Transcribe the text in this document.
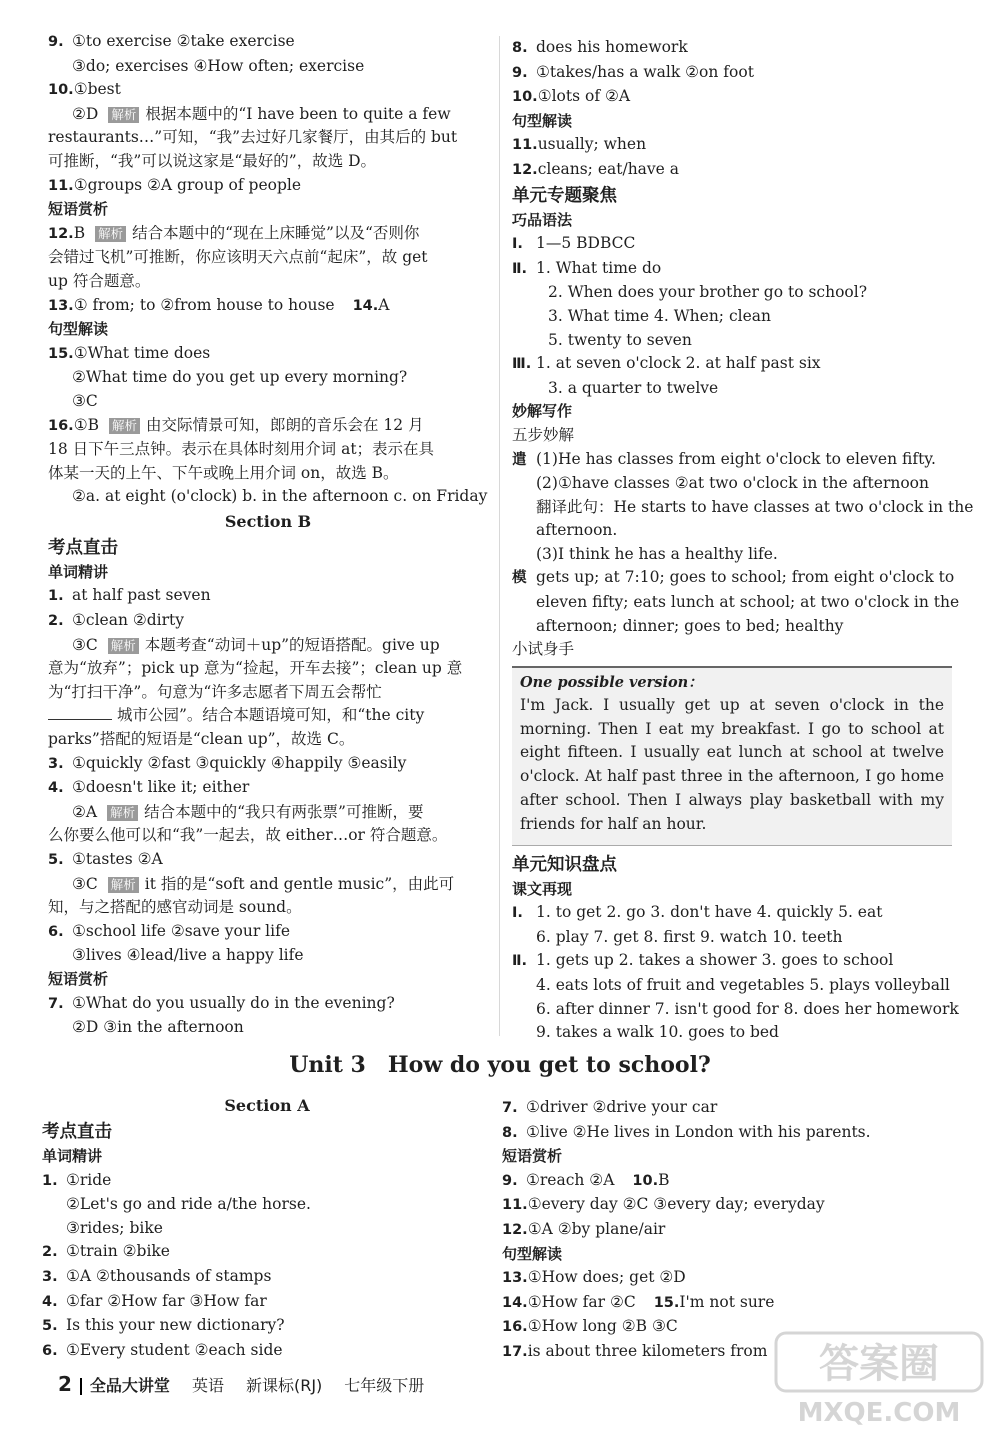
9. ①to exercise ②take exercise
③do; exercises ④How often; exercise
10.①best
②D 解析 根据本题中的“I have been to quite a few
restaurants…”可知，“我”去过好几家餐厅，由其后的 but
可推断，“我”可以说这家是“最好的”，故选 D。
11.①groups ②A group of people
短语赏析
12.B 解析 结合本题中的“现在上床睡觉”以及“否则你
会错过飞机”可推断，你应该明天六点前“起床”，故 get
up 符合题意。
13.① from; to ②from house to house 14.A
句型解读
15.①What time does
②What time do you get up every morning?
③C
16.①B 解析 由交际情景可知，郎朗的音乐会在 12 月
18 日下午三点钟。表示在具体时刻用介词 at；表示在具
体某一天的上午、下午或晚上用介词 on，故选 B。
②a. at eight (o'clock) b. in the afternoon c. on Friday
Section B
考点直击
单词精讲
1. at half past seven
2. ①clean ②dirty
③C 解析 本题考查“动词＋up”的短语搭配。give up
意为“放弃”；pick up 意为“捡起，开车去接”；clean up 意
为“打扫干净”。句意为“许多志愿者下周五会帮忙
城市公园”。结合本题语境可知，和“the city
parks”搭配的短语是“clean up”，故选 C。
3. ①quickly ②fast ③quickly ④happily ⑤easily
4. ①doesn't like it; either
②A 解析 结合本题中的“我只有两张票”可推断，要
么你要么他可以和“我”一起去，故 either…or 符合题意。
5. ①tastes ②A
③C 解析 it 指的是“soft and gentle music”，由此可
知，与之搭配的感官动词是 sound。
6. ①school life ②save your life
③lives ④lead/live a happy life
短语赏析
7. ①What do you usually do in the evening?
②D ③in the afternoon
8. does his homework
9. ①takes/has a walk ②on foot
10.①lots of ②A
句型解读
11.usually; when
12.cleans; eat/have a
单元专题聚焦
巧品语法
Ⅰ. 1—5 BDBCC
Ⅱ. 1. What time do
2. When does your brother go to school?
3. What time 4. When; clean
5. twenty to seven
Ⅲ. 1. at seven o'clock 2. at half past six
3. a quarter to twelve
妙解写作
五步妙解
遣 (1)He has classes from eight o'clock to eleven fifty.
(2)①have classes ②at two o'clock in the afternoon
翻译此句：He starts to have classes at two o'clock in the
afternoon.
(3)I think he has a healthy life.
模 gets up; at 7:10; goes to school; from eight o'clock to
eleven fifty; eats lunch at school; at two o'clock in the
afternoon; dinner; goes to bed; healthy
小试身手
One possible version：
I'm Jack. I usually get up at seven o'clock in the morning. Then I eat my breakfast. I go to school at eight fifteen. I usually eat lunch at school at twelve o'clock. At half past three in the afternoon, I go home after school. Then I always play basketball with my friends for half an hour.
单元知识盘点
课文再现
Ⅰ. 1. to get 2. go 3. don't have 4. quickly 5. eat
6. play 7. get 8. first 9. watch 10. teeth
Ⅱ. 1. gets up 2. takes a shower 3. goes to school
4. eats lots of fruit and vegetables 5. plays volleyball
6. after dinner 7. isn't good for 8. does her homework
9. takes a walk 10. goes to bed
Unit 3 How do you get to school?
Section A
考点直击
单词精讲
1. ①ride
②Let's go and ride a/the horse.
③rides; bike
2. ①train ②bike
3. ①A ②thousands of stamps
4. ①far ②How far ③How far
5. Is this your new dictionary?
6. ①Every student ②each side
7. ①driver ②drive your car
8. ①live ②He lives in London with his parents.
短语赏析
9. ①reach ②A 10.B
11.①every day ②C ③every day; everyday
12.①A ②by plane/air
句型解读
13.①How does; get ②D
14.①How far ②C 15.I'm not sure
16.①How long ②B ③C
17.is about three kilometers from
2 全品大讲堂 英语 新课标(RJ) 七年级下册	答案圈
MXQE.COM
